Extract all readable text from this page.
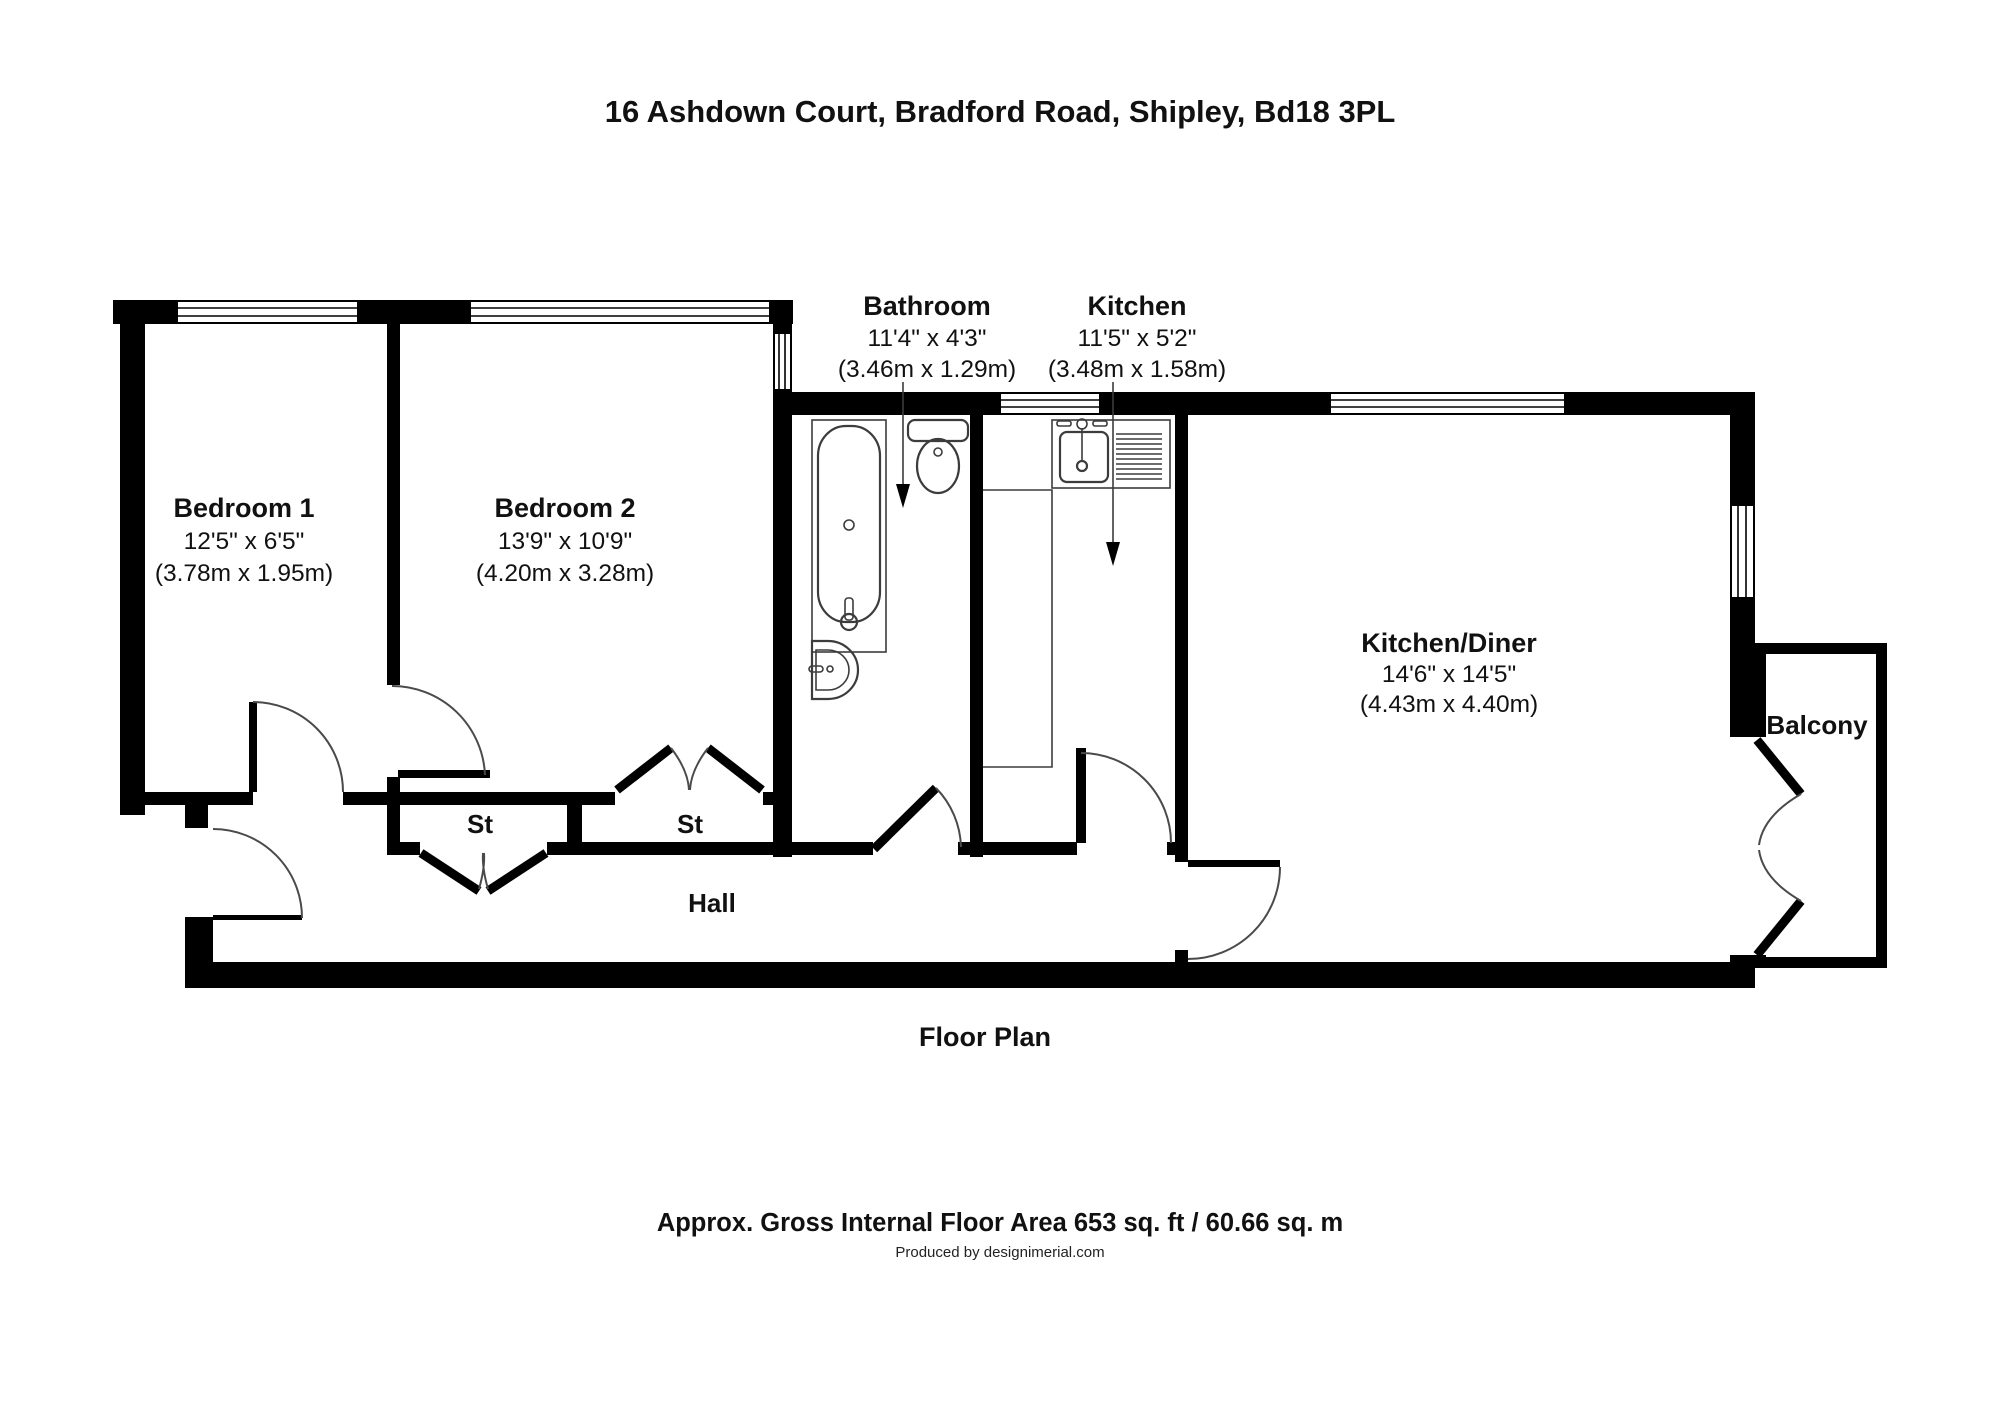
16 Ashdown Court, Bradford Road, Shipley, Bd18 3PL
Bedroom 1
12'5" x 6'5"
(3.78m x 1.95m)
Bedroom 2
13'9" x 10'9"
(4.20m x 3.28m)
Bathroom
11'4" x 4'3"
(3.46m x 1.29m)
Kitchen
11'5" x 5'2"
(3.48m x 1.58m)
Kitchen/Diner
14'6" x 14'5"
(4.43m x 4.40m)
Balcony
St	St
Hall
Floor Plan
Approx. Gross Internal Floor Area 653 sq. ft / 60.66 sq. m
Produced by designimerial.com
